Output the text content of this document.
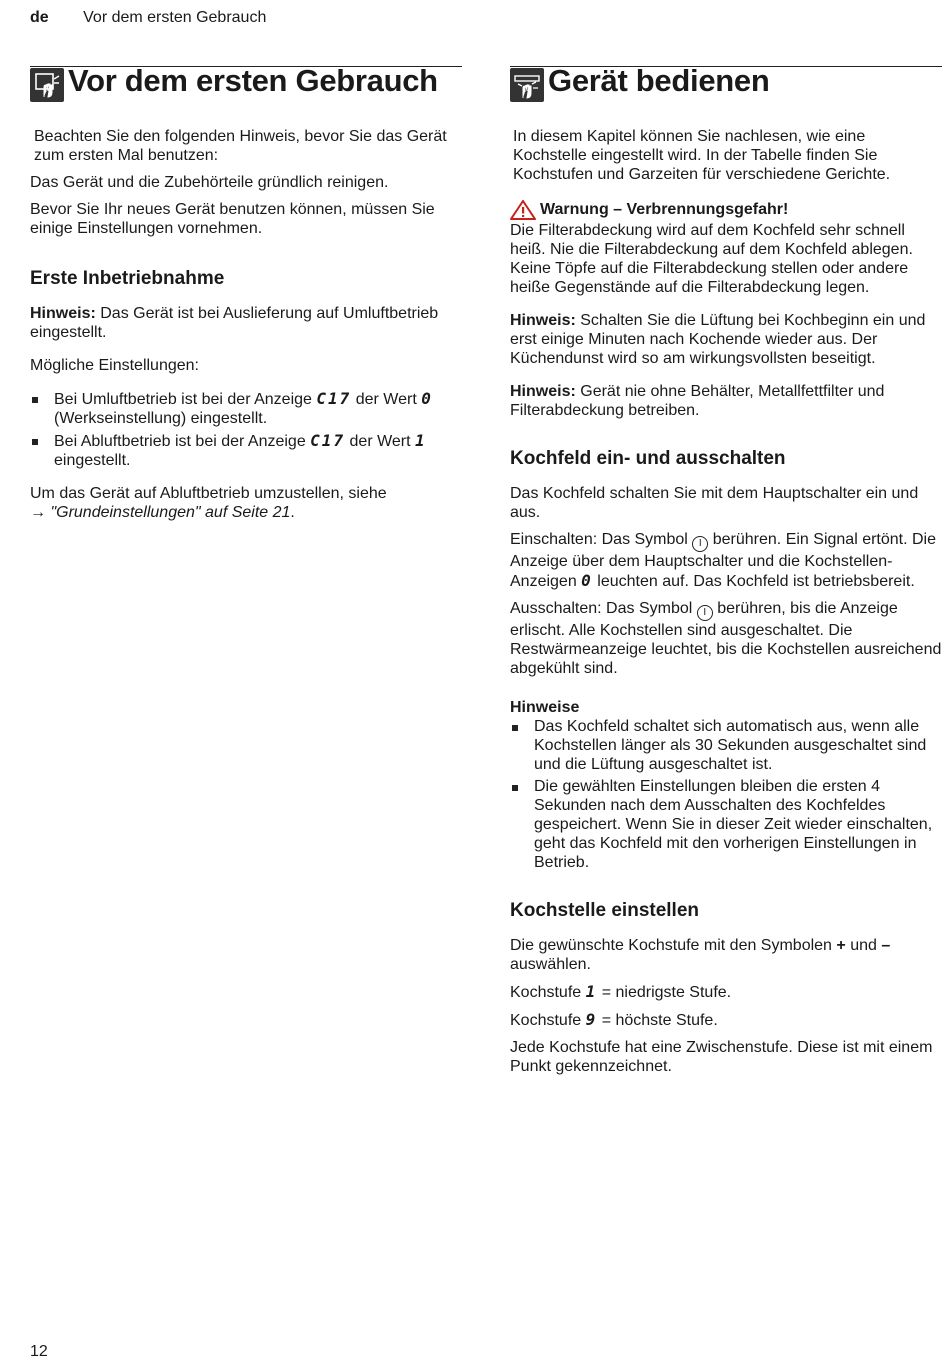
de Vor dem ersten Gebrauch
Vor dem ersten Gebrauch

Beachten Sie den folgenden Hinweis, bevor Sie das Gerät zum ersten Mal benutzen:

Das Gerät und die Zubehörteile gründlich reinigen.

Bevor Sie Ihr neues Gerät benutzen können, müssen Sie einige Einstellungen vornehmen.

Erste Inbetriebnahme

Hinweis: Das Gerät ist bei Auslieferung auf Umluftbetrieb eingestellt.

Mögliche Einstellungen:

Bei Umluftbetrieb ist bei der Anzeige C17 der Wert 0 (Werkseinstellung) eingestellt.
Bei Abluftbetrieb ist bei der Anzeige C17 der Wert 1 eingestellt.

Um das Gerät auf Abluftbetrieb umzustellen, siehe
→ "Grundeinstellungen" auf Seite 21.

Gerät bedienen

In diesem Kapitel können Sie nachlesen, wie eine Kochstelle eingestellt wird. In der Tabelle finden Sie Kochstufen und Garzeiten für verschiedene Gerichte.

Warnung – Verbrennungsgefahr!

Die Filterabdeckung wird auf dem Kochfeld sehr schnell heiß. Nie die Filterabdeckung auf dem Kochfeld ablegen. Keine Töpfe auf die Filterabdeckung stellen oder andere heiße Gegenstände auf die Filterabdeckung legen.

Hinweis: Schalten Sie die Lüftung bei Kochbeginn ein und erst einige Minuten nach Kochende wieder aus. Der Küchendunst wird so am wirkungsvollsten beseitigt.

Hinweis: Gerät nie ohne Behälter, Metallfettfilter und Filterabdeckung betreiben.

Kochfeld ein- und ausschalten

Das Kochfeld schalten Sie mit dem Hauptschalter ein und aus.

Einschalten: Das Symbol I berühren. Ein Signal ertönt. Die Anzeige über dem Hauptschalter und die Kochstellen-Anzeigen 0 leuchten auf. Das Kochfeld ist betriebsbereit.

Ausschalten: Das Symbol I berühren, bis die Anzeige erlischt. Alle Kochstellen sind ausgeschaltet. Die Restwärmeanzeige leuchtet, bis die Kochstellen ausreichend abgekühlt sind.

Hinweise
Das Kochfeld schaltet sich automatisch aus, wenn alle Kochstellen länger als 30 Sekunden ausgeschaltet sind und die Lüftung ausgeschaltet ist.
Die gewählten Einstellungen bleiben die ersten 4 Sekunden nach dem Ausschalten des Kochfeldes gespeichert. Wenn Sie in dieser Zeit wieder einschalten, geht das Kochfeld mit den vorherigen Einstellungen in Betrieb.
Kochstelle einstellen

Die gewünschte Kochstufe mit den Symbolen + und – auswählen.

Kochstufe 1 = niedrigste Stufe.

Kochstufe 9 = höchste Stufe.

Jede Kochstufe hat eine Zwischenstufe. Diese ist mit einem Punkt gekennzeichnet.

12
